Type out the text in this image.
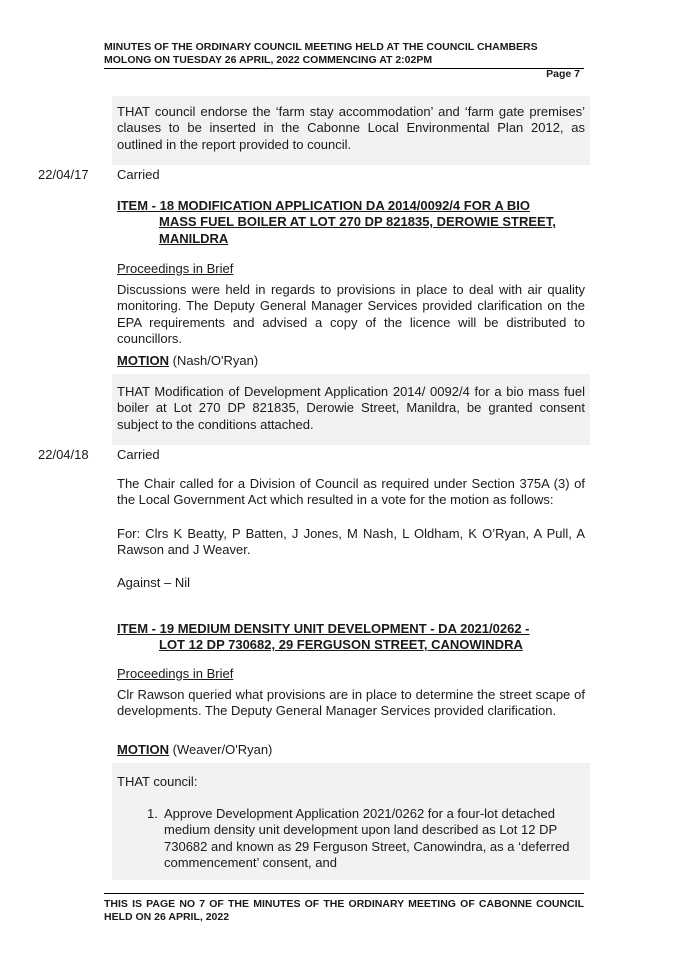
MINUTES OF THE ORDINARY COUNCIL MEETING HELD AT THE COUNCIL CHAMBERS
MOLONG ON TUESDAY 26 APRIL, 2022 COMMENCING AT 2:02PM
Page 7
THAT council endorse the ‘farm stay accommodation’ and ‘farm gate premises’ clauses to be inserted in the Cabonne Local Environmental Plan 2012, as outlined in the report provided to council.
22/04/17 Carried
ITEM - 18 MODIFICATION APPLICATION DA 2014/0092/4 FOR A BIO
MASS FUEL BOILER AT LOT 270 DP 821835, DEROWIE STREET,
MANILDRA
Proceedings in Brief
Discussions were held in regards to provisions in place to deal with air quality monitoring. The Deputy General Manager Services provided clarification on the EPA requirements and advised a copy of the licence will be distributed to councillors.
MOTION (Nash/O'Ryan)
THAT Modification of Development Application 2014/ 0092/4 for a bio mass fuel boiler at Lot 270 DP 821835, Derowie Street, Manildra, be granted consent subject to the conditions attached.
22/04/18 Carried
The Chair called for a Division of Council as required under Section 375A (3) of the Local Government Act which resulted in a vote for the motion as follows:
For: Clrs K Beatty, P Batten, J Jones, M Nash, L Oldham, K O’Ryan, A Pull, A Rawson and J Weaver.
Against – Nil
ITEM - 19 MEDIUM DENSITY UNIT DEVELOPMENT - DA 2021/0262 -
LOT 12 DP 730682, 29 FERGUSON STREET, CANOWINDRA
Proceedings in Brief
Clr Rawson queried what provisions are in place to determine the street scape of developments. The Deputy General Manager Services provided clarification.
MOTION (Weaver/O'Ryan)
THAT council:
1. Approve Development Application 2021/0262 for a four-lot detached medium density unit development upon land described as Lot 12 DP 730682 and known as 29 Ferguson Street, Canowindra, as a ‘deferred commencement’ consent, and
THIS IS PAGE NO 7 OF THE MINUTES OF THE ORDINARY MEETING OF CABONNE COUNCIL HELD ON 26 APRIL, 2022
